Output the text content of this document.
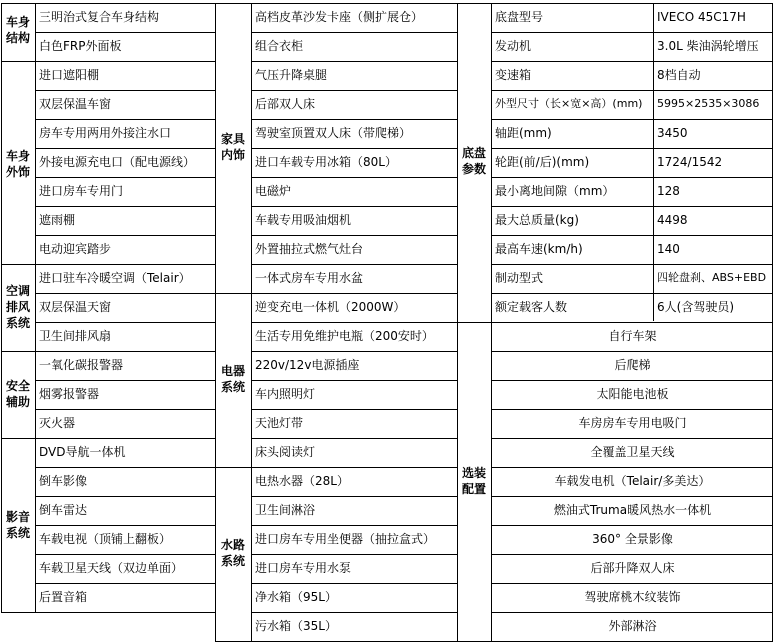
车身结构
车身外饰
空调排风系统
安全辅助
影音系统
三明治式复合车身结构
白色FRP外面板
进口遮阳棚
双层保温车窗
房车专用两用外接注水口
外接电源充电口（配电源线）
进口房车专用门
遮雨棚
电动迎宾踏步
进口驻车冷暖空调（Telair）
双层保温天窗
卫生间排风扇
一氧化碳报警器
烟雾报警器
灭火器
DVD导航一体机
倒车影像
倒车雷达
车载电视（顶铺上翻板）
车载卫星天线（双边单面）
后置音箱
家具内饰
电器系统
水路系统
高档皮革沙发卡座（侧扩展仓）
组合衣柜
气压升降桌腿
后部双人床
驾驶室顶置双人床（带爬梯）
进口车载专用冰箱（80L）
电磁炉
车载专用吸油烟机
外置抽拉式燃气灶台
一体式房车专用水盆
逆变充电一体机（2000W）
生活专用免维护电瓶（200安时）
220v/12v电源插座
车内照明灯
天池灯带
床头阅读灯
电热水器（28L）
卫生间淋浴
进口房车专用坐便器（抽拉盒式）
进口房车专用水泵
净水箱（95L）
污水箱（35L）
底盘参数
选装配置
底盘型号
发动机
变速箱
外型尺寸（长×宽×高）(mm)
轴距(mm)
轮距(前/后)(mm)
最小离地间隙（mm）
最大总质量(kg)
最高车速(km/h)
制动型式
额定载客人数
IVECO 45C17H
3.0L 柴油涡轮增压
8档自动
5995×2535×3086
3450
1724/1542
128
4498
140
四轮盘刹、ABS+EBD
6人(含驾驶员)
自行车架
后爬梯
太阳能电池板
车房房车专用电吸门
全覆盖卫星天线
车载发电机（Telair/多美达）
燃油式Truma暖风热水一体机
360° 全景影像
后部升降双人床
驾驶席桃木纹装饰
外部淋浴
